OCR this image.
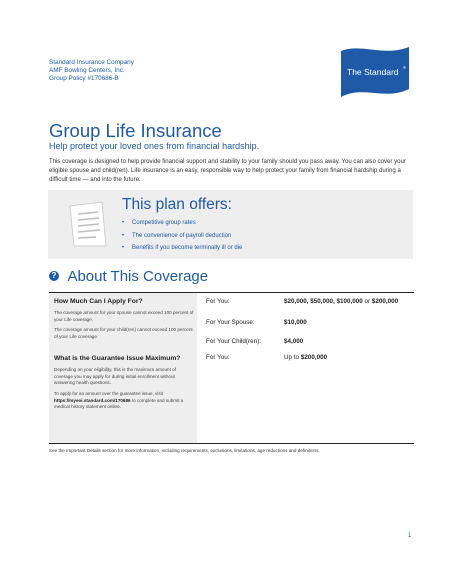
Standard Insurance Company
AMF Bowling Centers, Inc.
Group Policy #170686-B
The Standard ®
Group Life Insurance
Help protect your loved ones from financial hardship.
This coverage is designed to help provide financial support and stability to your family should you pass away. You can also cover your eligible spouse and child(ren). Life insurance is an easy, responsible way to help protect your family from financial hardship during a difficult time — and into the future.
This plan offers:
• Competitive group rates
• The convenience of payroll deduction
• Benefits if you become terminally ill or die
? About This Coverage
How Much Can I Apply For?
The coverage amount for your spouse cannot exceed 100 percent of your Life coverage.
The coverage amount for your child(ren) cannot exceed 100 percent of your Life coverage.
What is the Guarantee Issue Maximum?
Depending on your eligibility, this is the maximum amount of coverage you may apply for during initial enrollment without answering health questions.
To apply for an amount over the guarantee issue, visit https://myeoi.standard.com/170686 to complete and submit a medical history statement online.
For You:	$20,000, $50,000, $100,000 or $200,000
For Your Spouse:	$10,000
For Your Child(ren):	$4,000
For You:	Up to $200,000
See the Important Details section for more information, including requirements, exclusions, limitations, age reductions and definitions.
1
